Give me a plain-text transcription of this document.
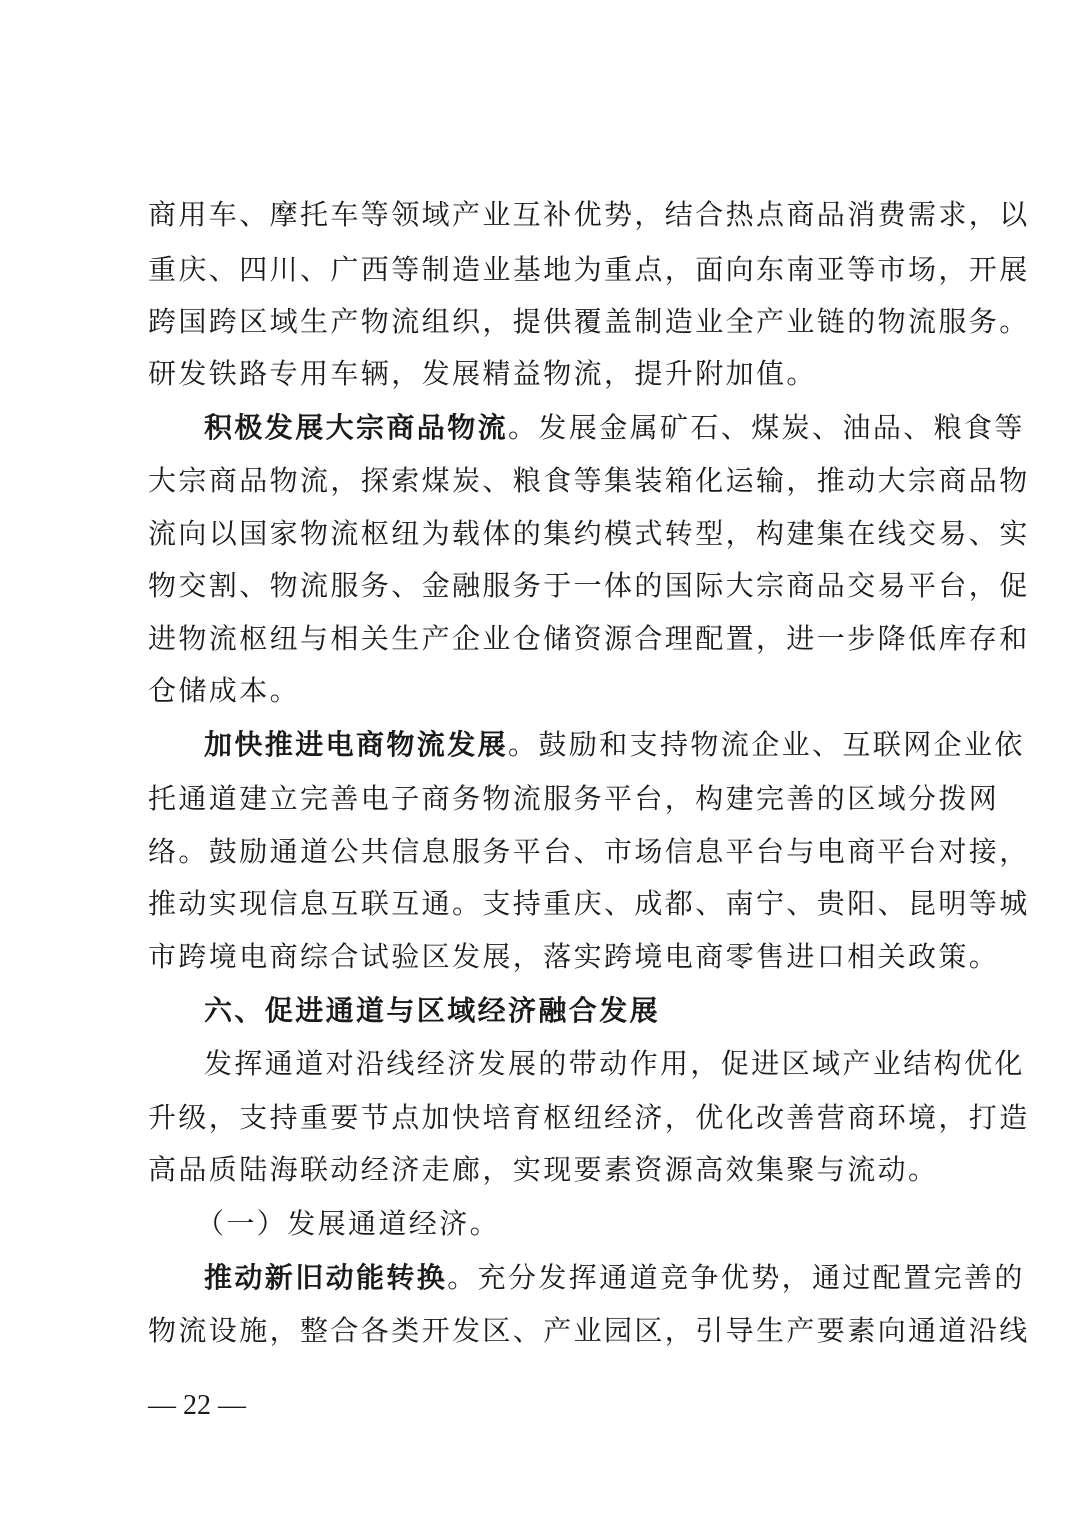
商用车、摩托车等领域产业互补优势，结合热点商品消费需求，以
重庆、四川、广西等制造业基地为重点，面向东南亚等市场，开展
跨国跨区域生产物流组织，提供覆盖制造业全产业链的物流服务。
研发铁路专用车辆，发展精益物流，提升附加值。
积极发展大宗商品物流。发展金属矿石、煤炭、油品、粮食等
大宗商品物流，探索煤炭、粮食等集装箱化运输，推动大宗商品物
流向以国家物流枢纽为载体的集约模式转型，构建集在线交易、实
物交割、物流服务、金融服务于一体的国际大宗商品交易平台，促
进物流枢纽与相关生产企业仓储资源合理配置，进一步降低库存和
仓储成本。
加快推进电商物流发展。鼓励和支持物流企业、互联网企业依
托通道建立完善电子商务物流服务平台，构建完善的区域分拨网
络。鼓励通道公共信息服务平台、市场信息平台与电商平台对接，
推动实现信息互联互通。支持重庆、成都、南宁、贵阳、昆明等城
市跨境电商综合试验区发展，落实跨境电商零售进口相关政策。
六、促进通道与区域经济融合发展
发挥通道对沿线经济发展的带动作用，促进区域产业结构优化
升级，支持重要节点加快培育枢纽经济，优化改善营商环境，打造
高品质陆海联动经济走廊，实现要素资源高效集聚与流动。
（一）发展通道经济。
推动新旧动能转换。充分发挥通道竞争优势，通过配置完善的
物流设施，整合各类开发区、产业园区，引导生产要素向通道沿线
— 22 —
